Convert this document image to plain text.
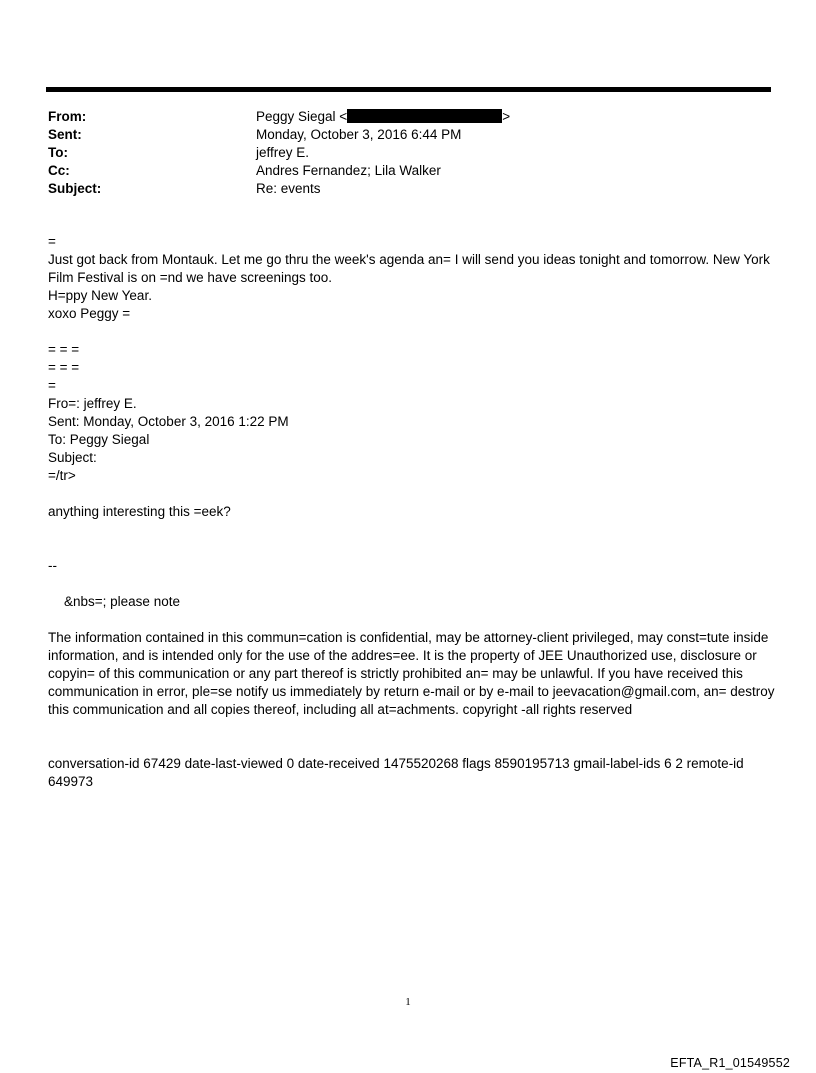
From:	Peggy Siegal <	>
Sent:	Monday, October 3, 2016 6:44 PM
To:	jeffrey E.
Cc:	Andres Fernandez; Lila Walker
Subject:	Re: events
=
Just got back from Montauk. Let me go thru the week's agenda an= I will send you ideas tonight and tomorrow. New York Film Festival is on =nd we have screenings too.
H=ppy New Year.
xoxo Peggy =
= = =
= = =
=
Fro=: jeffrey E.
Sent: Monday, October 3, 2016 1:22 PM
To: Peggy Siegal
Subject:
=/tr>
anything interesting this =eek?
--
&nbs=; please note
The information contained in this commun=cation is confidential, may be attorney-client privileged, may const=tute inside information, and is intended only for the use of the addres=ee. It is the property of JEE Unauthorized use, disclosure or copyin= of this communication or any part thereof is strictly prohibited an= may be unlawful. If you have received this communication in error, ple=se notify us immediately by return e-mail or by e-mail to jeevacation@gmail.com, an= destroy this communication and all copies thereof, including all at=achments. copyright -all rights reserved
conversation-id 67429 date-last-viewed 0 date-received 1475520268 flags 8590195713 gmail-label-ids 6 2 remote-id 649973
1
EFTA_R1_01549552
